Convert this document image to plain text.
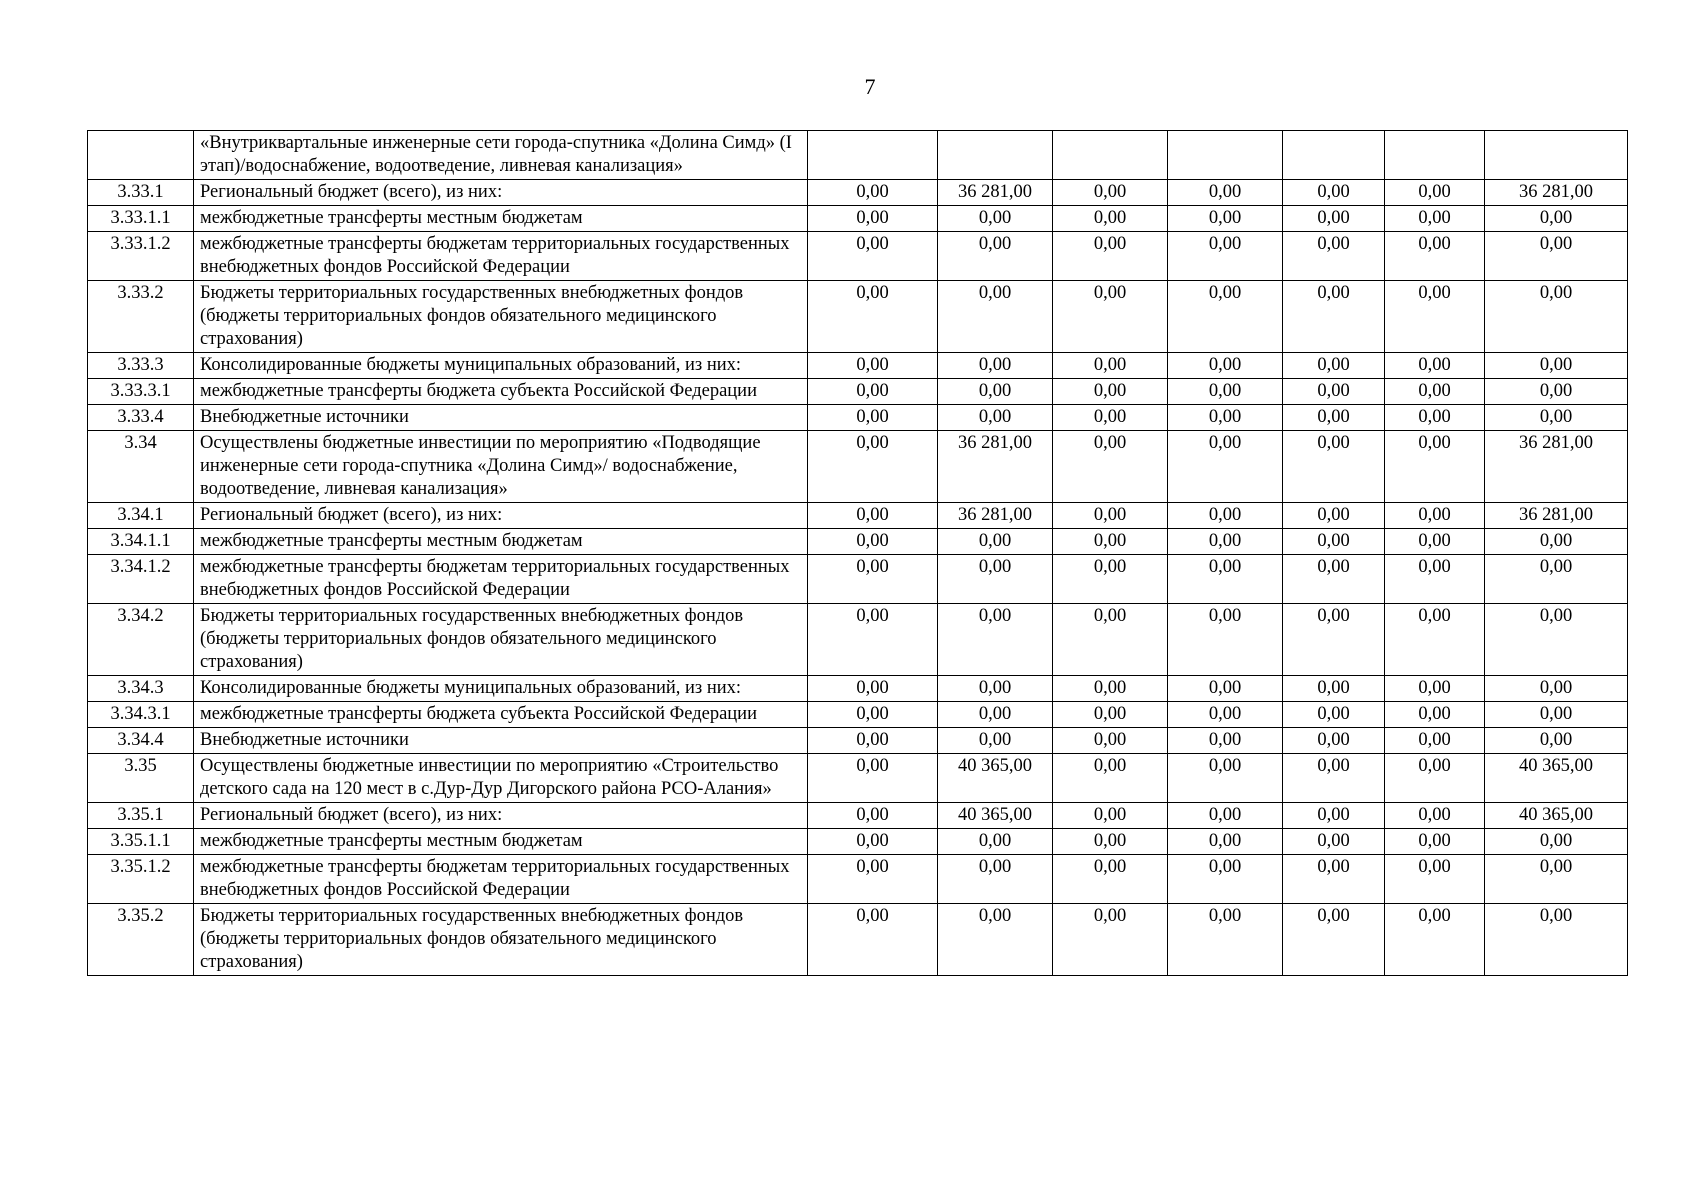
7
	«Внутриквартальные инженерные сети города-спутника «Долина Симд» (I этап)/водоснабжение, водоотведение, ливневая канализация»							
3.33.1	Региональный бюджет (всего), из них:	0,00	36 281,00	0,00	0,00	0,00	0,00	36 281,00
3.33.1.1	межбюджетные трансферты местным бюджетам	0,00	0,00	0,00	0,00	0,00	0,00	0,00
3.33.1.2	межбюджетные трансферты бюджетам территориальных государственных внебюджетных фондов Российской Федерации	0,00	0,00	0,00	0,00	0,00	0,00	0,00
3.33.2	Бюджеты территориальных государственных внебюджетных фондов (бюджеты территориальных фондов обязательного медицинского страхования)	0,00	0,00	0,00	0,00	0,00	0,00	0,00
3.33.3	Консолидированные бюджеты муниципальных образований, из них:	0,00	0,00	0,00	0,00	0,00	0,00	0,00
3.33.3.1	межбюджетные трансферты бюджета субъекта Российской Федерации	0,00	0,00	0,00	0,00	0,00	0,00	0,00
3.33.4	Внебюджетные источники	0,00	0,00	0,00	0,00	0,00	0,00	0,00
3.34	Осуществлены бюджетные инвестиции по мероприятию «Подводящие инженерные сети города-спутника «Долина Симд»/ водоснабжение, водоотведение, ливневая канализация»	0,00	36 281,00	0,00	0,00	0,00	0,00	36 281,00
3.34.1	Региональный бюджет (всего), из них:	0,00	36 281,00	0,00	0,00	0,00	0,00	36 281,00
3.34.1.1	межбюджетные трансферты местным бюджетам	0,00	0,00	0,00	0,00	0,00	0,00	0,00
3.34.1.2	межбюджетные трансферты бюджетам территориальных государственных внебюджетных фондов Российской Федерации	0,00	0,00	0,00	0,00	0,00	0,00	0,00
3.34.2	Бюджеты территориальных государственных внебюджетных фондов (бюджеты территориальных фондов обязательного медицинского страхования)	0,00	0,00	0,00	0,00	0,00	0,00	0,00
3.34.3	Консолидированные бюджеты муниципальных образований, из них:	0,00	0,00	0,00	0,00	0,00	0,00	0,00
3.34.3.1	межбюджетные трансферты бюджета субъекта Российской Федерации	0,00	0,00	0,00	0,00	0,00	0,00	0,00
3.34.4	Внебюджетные источники	0,00	0,00	0,00	0,00	0,00	0,00	0,00
3.35	Осуществлены бюджетные инвестиции по мероприятию «Строительство детского сада на 120 мест в с.Дур-Дур Дигорского района РСО-Алания»	0,00	40 365,00	0,00	0,00	0,00	0,00	40 365,00
3.35.1	Региональный бюджет (всего), из них:	0,00	40 365,00	0,00	0,00	0,00	0,00	40 365,00
3.35.1.1	межбюджетные трансферты местным бюджетам	0,00	0,00	0,00	0,00	0,00	0,00	0,00
3.35.1.2	межбюджетные трансферты бюджетам территориальных государственных внебюджетных фондов Российской Федерации	0,00	0,00	0,00	0,00	0,00	0,00	0,00
3.35.2	Бюджеты территориальных государственных внебюджетных фондов (бюджеты территориальных фондов обязательного медицинского страхования)	0,00	0,00	0,00	0,00	0,00	0,00	0,00
